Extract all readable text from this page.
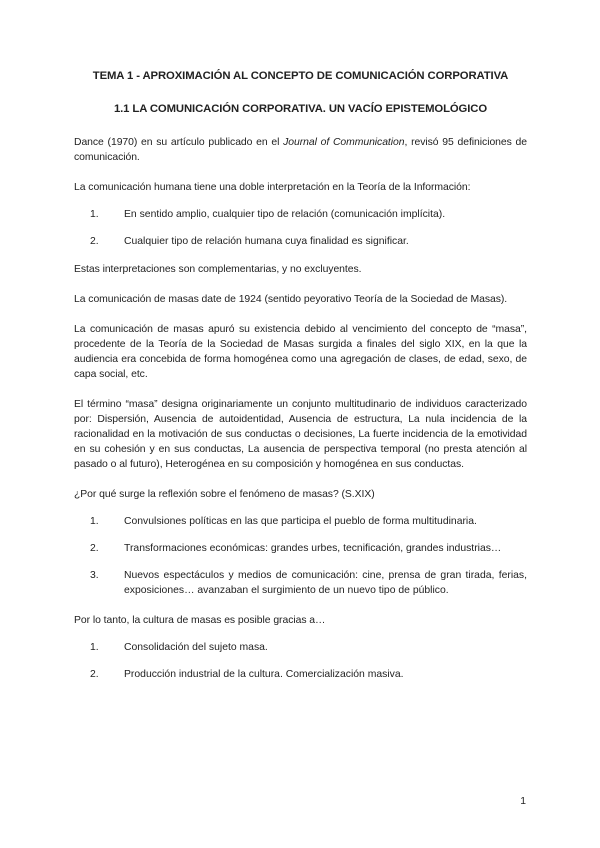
TEMA 1 - APROXIMACIÓN AL CONCEPTO DE COMUNICACIÓN CORPORATIVA

1.1 LA COMUNICACIÓN CORPORATIVA. UN VACÍO EPISTEMOLÓGICO

Dance (1970) en su artículo publicado en el Journal of Communication, revisó 95 definiciones de comunicación.

La comunicación humana tiene una doble interpretación en la Teoría de la Información:

1. En sentido amplio, cualquier tipo de relación (comunicación implícita).
2. Cualquier tipo de relación humana cuya finalidad es significar.

Estas interpretaciones son complementarias, y no excluyentes.

La comunicación de masas date de 1924 (sentido peyorativo Teoría de la Sociedad de Masas).

La comunicación de masas apuró su existencia debido al vencimiento del concepto de “masa”, procedente de la Teoría de la Sociedad de Masas surgida a finales del siglo XIX, en la que la audiencia era concebida de forma homogénea como una agregación de clases, de edad, sexo, de capa social, etc.

El término “masa” designa originariamente un conjunto multitudinario de individuos caracterizado por: Dispersión, Ausencia de autoidentidad, Ausencia de estructura, La nula incidencia de la racionalidad en la motivación de sus conductas o decisiones, La fuerte incidencia de la emotividad en su cohesión y en sus conductas, La ausencia de perspectiva temporal (no presta atención al pasado o al futuro), Heterogénea en su composición y homogénea en sus conductas.

¿Por qué surge la reflexión sobre el fenómeno de masas? (S.XIX)

1. Convulsiones políticas en las que participa el pueblo de forma multitudinaria.
2. Transformaciones económicas: grandes urbes, tecnificación, grandes industrias…
3. Nuevos espectáculos y medios de comunicación: cine, prensa de gran tirada, ferias, exposiciones… avanzaban el surgimiento de un nuevo tipo de público.

Por lo tanto, la cultura de masas es posible gracias a…

1. Consolidación del sujeto masa.
2. Producción industrial de la cultura. Comercialización masiva.
1
